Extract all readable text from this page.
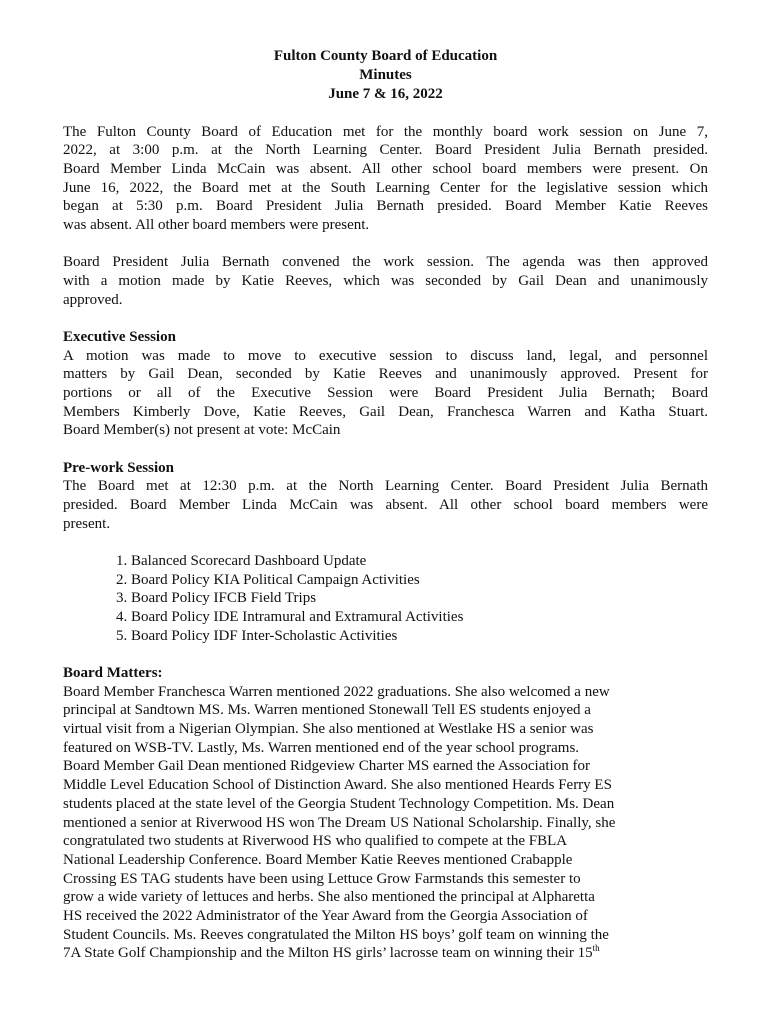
Fulton County Board of Education
Minutes
June 7 & 16, 2022
The Fulton County Board of Education met for the monthly board work session on June 7,
2022, at 3:00 p.m. at the North Learning Center. Board President Julia Bernath presided.
Board Member Linda McCain was absent. All other school board members were present. On
June 16, 2022, the Board met at the South Learning Center for the legislative session which
began at 5:30 p.m. Board President Julia Bernath presided. Board Member Katie Reeves
was absent. All other board members were present.
Board President Julia Bernath convened the work session. The agenda was then approved
with a motion made by Katie Reeves, which was seconded by Gail Dean and unanimously
approved.
Executive Session
A motion was made to move to executive session to discuss land, legal, and personnel
matters by Gail Dean, seconded by Katie Reeves and unanimously approved. Present for
portions or all of the Executive Session were Board President Julia Bernath; Board
Members Kimberly Dove, Katie Reeves, Gail Dean, Franchesca Warren and Katha Stuart.
Board Member(s) not present at vote: McCain
Pre-work Session
The Board met at 12:30 p.m. at the North Learning Center. Board President Julia Bernath
presided. Board Member Linda McCain was absent. All other school board members were
present.
1. Balanced Scorecard Dashboard Update
2. Board Policy KIA Political Campaign Activities
3. Board Policy IFCB Field Trips
4. Board Policy IDE Intramural and Extramural Activities
5. Board Policy IDF Inter-Scholastic Activities
Board Matters:
Board Member Franchesca Warren mentioned 2022 graduations. She also welcomed a new
principal at Sandtown MS. Ms. Warren mentioned Stonewall Tell ES students enjoyed a
virtual visit from a Nigerian Olympian. She also mentioned at Westlake HS a senior was
featured on WSB-TV. Lastly, Ms. Warren mentioned end of the year school programs.
Board Member Gail Dean mentioned Ridgeview Charter MS earned the Association for
Middle Level Education School of Distinction Award. She also mentioned Heards Ferry ES
students placed at the state level of the Georgia Student Technology Competition. Ms. Dean
mentioned a senior at Riverwood HS won The Dream US National Scholarship. Finally, she
congratulated two students at Riverwood HS who qualified to compete at the FBLA
National Leadership Conference. Board Member Katie Reeves mentioned Crabapple
Crossing ES TAG students have been using Lettuce Grow Farmstands this semester to
grow a wide variety of lettuces and herbs. She also mentioned the principal at Alpharetta
HS received the 2022 Administrator of the Year Award from the Georgia Association of
Student Councils. Ms. Reeves congratulated the Milton HS boys’ golf team on winning the
7A State Golf Championship and the Milton HS girls’ lacrosse team on winning their 15th
